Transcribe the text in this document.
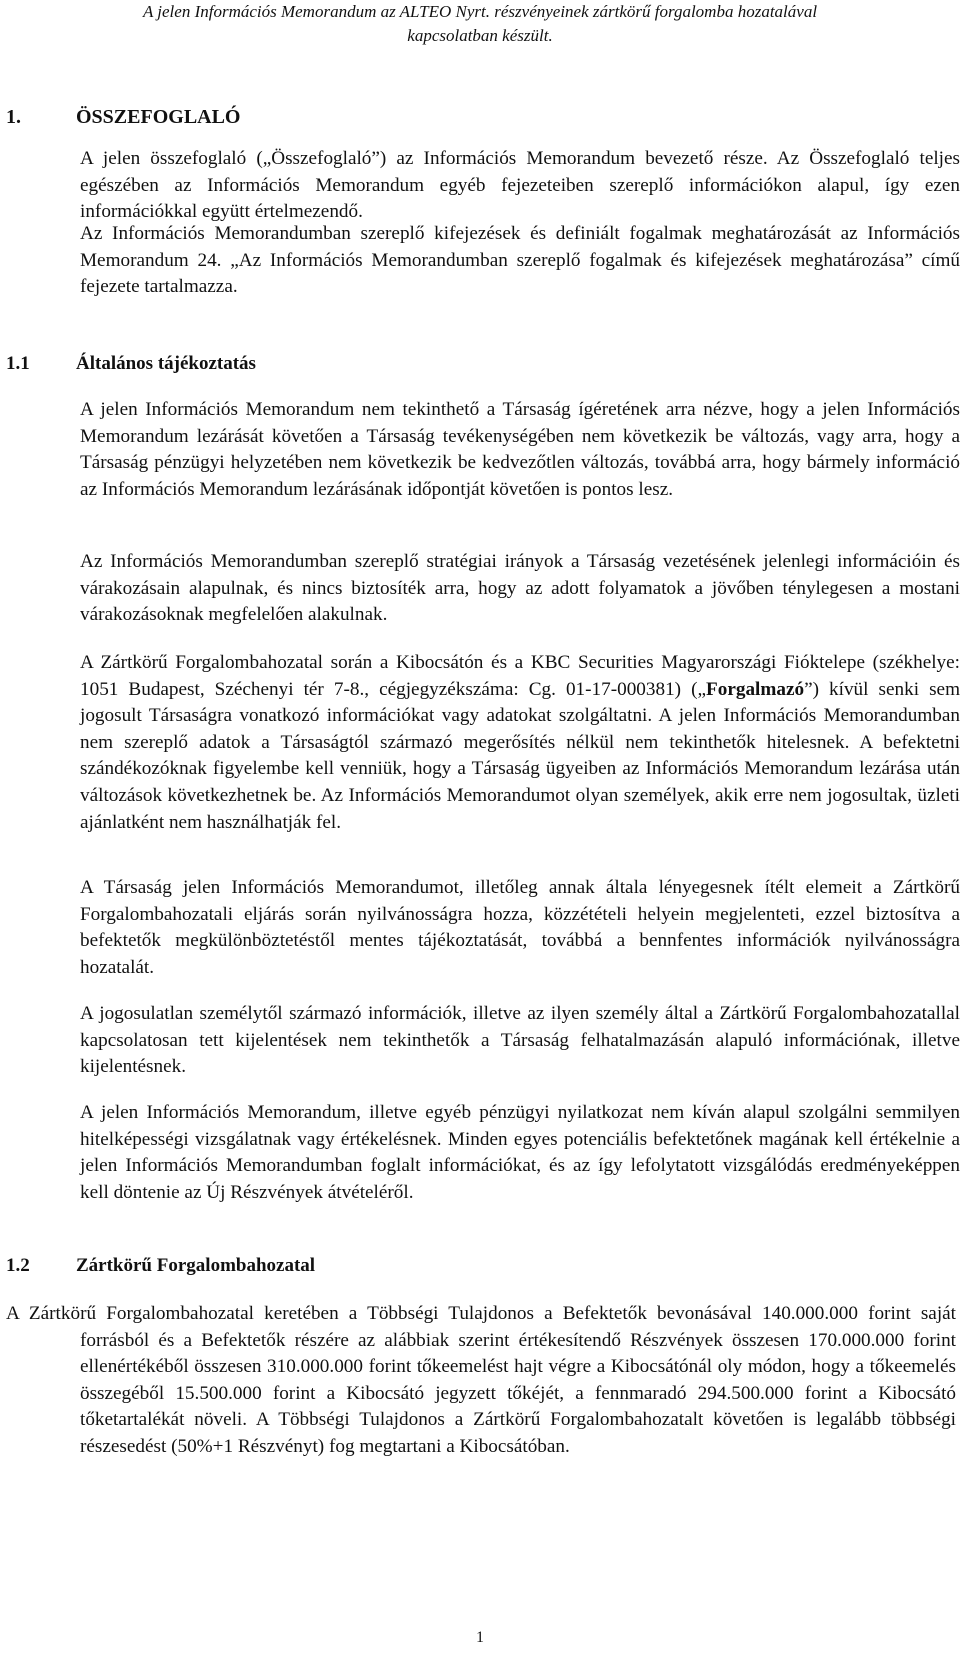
A jelen Információs Memorandum az ALTEO Nyrt. részvényeinek zártkörű forgalomba hozatalával
kapcsolatban készült.
1.	ÖSSZEFOGLALÓ

A jelen összefoglaló („Összefoglaló”) az Információs Memorandum bevezető része. Az Összefoglaló teljes egészében az Információs Memorandum egyéb fejezeteiben szereplő információkon alapul, így ezen információkkal együtt értelmezendő.

Az Információs Memorandumban szereplő kifejezések és definiált fogalmak meghatározását az Információs Memorandum 24. „Az Információs Memorandumban szereplő fogalmak és kifejezések meghatározása” című fejezete tartalmazza.

1.1 Általános tájékoztatás

A jelen Információs Memorandum nem tekinthető a Társaság ígéretének arra nézve, hogy a jelen Információs Memorandum lezárását követően a Társaság tevékenységében nem következik be változás, vagy arra, hogy a Társaság pénzügyi helyzetében nem következik be kedvezőtlen változás, továbbá arra, hogy bármely információ az Információs Memorandum lezárásának időpontját követően is pontos lesz.

Az Információs Memorandumban szereplő stratégiai irányok a Társaság vezetésének jelenlegi információin és várakozásain alapulnak, és nincs biztosíték arra, hogy az adott folyamatok a jövőben ténylegesen a mostani várakozásoknak megfelelően alakulnak.

A Zártkörű Forgalombahozatal során a Kibocsátón és a KBC Securities Magyarországi Fióktelepe (székhelye: 1051 Budapest, Széchenyi tér 7-8., cégjegyzékszáma: Cg. 01-17-000381) („Forgalmazó”) kívül senki sem jogosult Társaságra vonatkozó információkat vagy adatokat szolgáltatni. A jelen Információs Memorandumban nem szereplő adatok a Társaságtól származó megerősítés nélkül nem tekinthetők hitelesnek. A befektetni szándékozóknak figyelembe kell venniük, hogy a Társaság ügyeiben az Információs Memorandum lezárása után változások következhetnek be. Az Információs Memorandumot olyan személyek, akik erre nem jogosultak, üzleti ajánlatként nem használhatják fel.

A Társaság jelen Információs Memorandumot, illetőleg annak általa lényegesnek ítélt elemeit a Zártkörű Forgalombahozatali eljárás során nyilvánosságra hozza, közzétételi helyein megjelenteti, ezzel biztosítva a befektetők megkülönböztetéstől mentes tájékoztatását, továbbá a bennfentes információk nyilvánosságra hozatalát.

A jogosulatlan személytől származó információk, illetve az ilyen személy által a Zártkörű Forgalombahozatallal kapcsolatosan tett kijelentések nem tekinthetők a Társaság felhatalmazásán alapuló információnak, illetve kijelentésnek.

A jelen Információs Memorandum, illetve egyéb pénzügyi nyilatkozat nem kíván alapul szolgálni semmilyen hitelképességi vizsgálatnak vagy értékelésnek. Minden egyes potenciális befektetőnek magának kell értékelnie a jelen Információs Memorandumban foglalt információkat, és az így lefolytatott vizsgálódás eredményeképpen kell döntenie az Új Részvények átvételéről.

1.2 Zártkörű Forgalombahozatal

A Zártkörű Forgalombahozatal keretében a Többségi Tulajdonos a Befektetők bevonásával 140.000.000 forint saját forrásból és a Befektetők részére az alábbiak szerint értékesítendő Részvények összesen 170.000.000 forint ellenértékéből összesen 310.000.000 forint tőkeemelést hajt végre a Kibocsátónál oly módon, hogy a tőkeemelés összegéből 15.500.000 forint a Kibocsátó jegyzett tőkéjét, a fennmaradó 294.500.000 forint a Kibocsátó tőketartalékát növeli. A Többségi Tulajdonos a Zártkörű Forgalombahozatalt követően is legalább többségi részesedést (50%+1 Részvényt) fog megtartani a Kibocsátóban.

1
